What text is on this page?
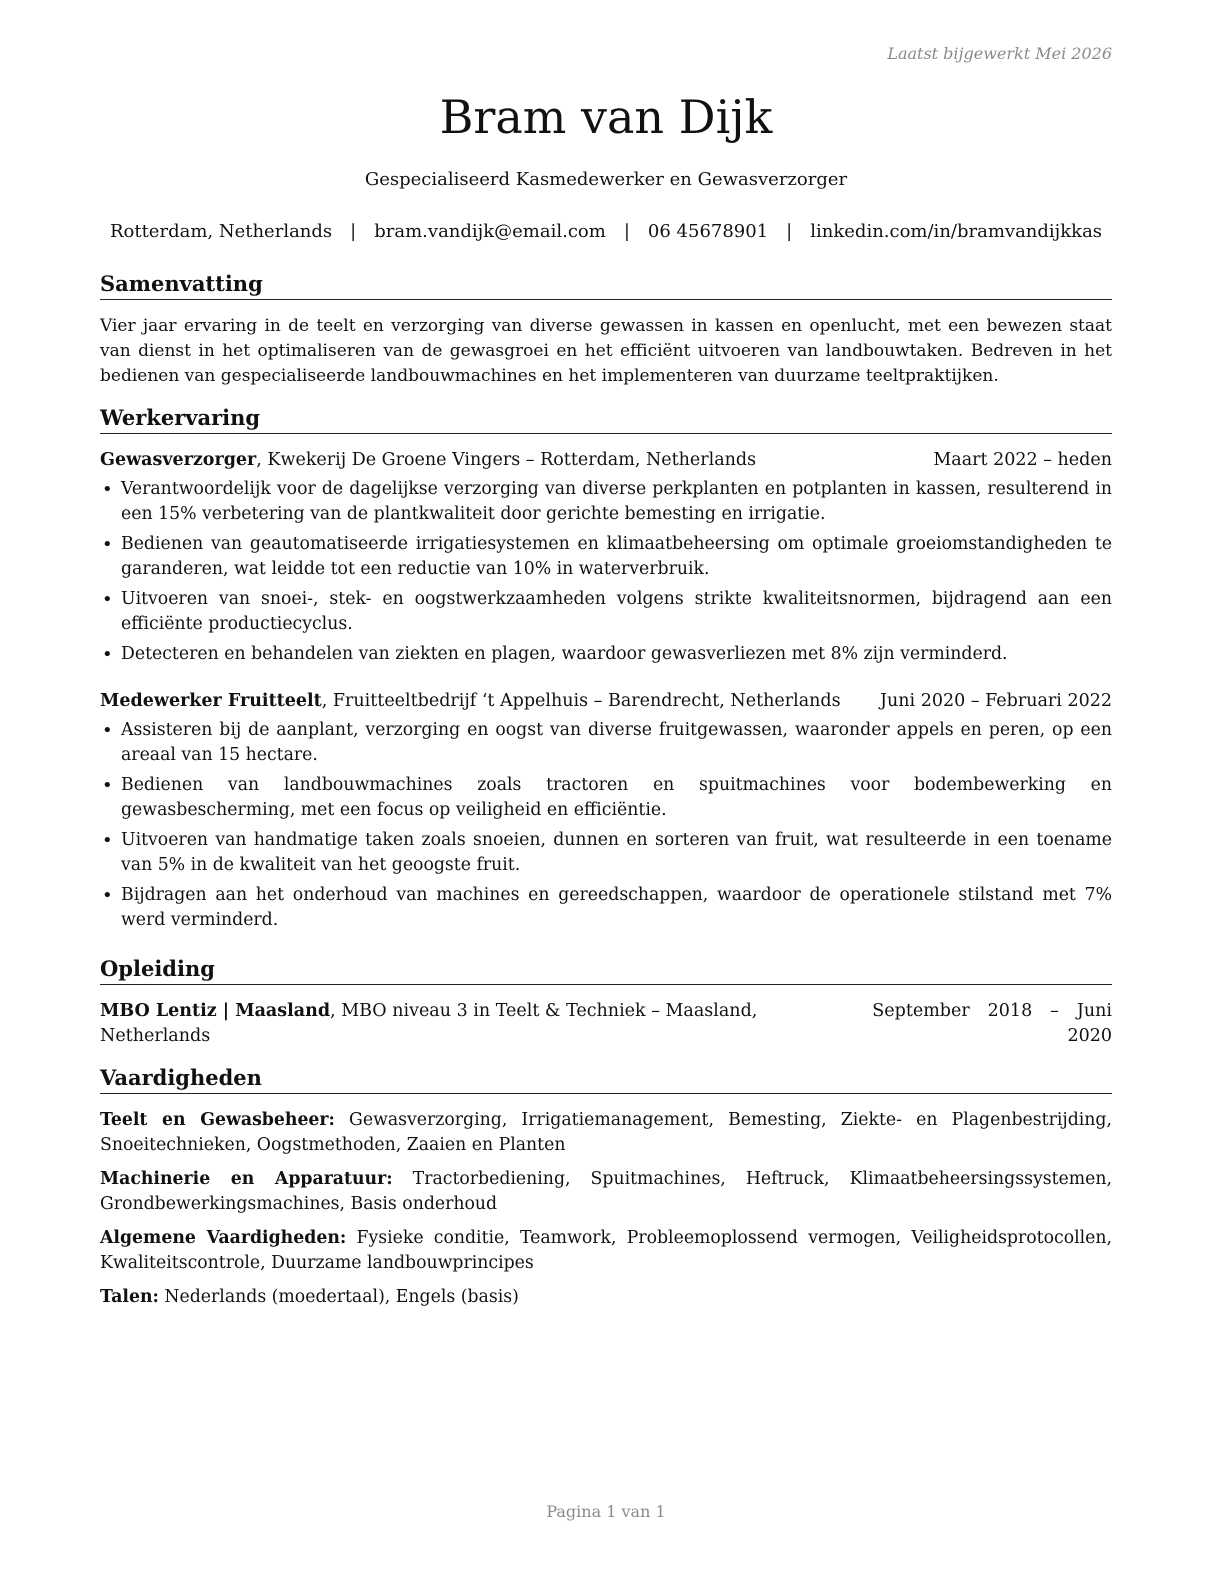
Laatst bijgewerkt Mei 2026
Bram van Dijk
Gespecialiseerd Kasmedewerker en Gewasverzorger
Rotterdam, Netherlands | bram.vandijk@email.com | 06 45678901 | linkedin.com/in/bramvandijkkas
Samenvatting
Vier jaar ervaring in de teelt en verzorging van diverse gewassen in kassen en openlucht, met een bewezen staat van dienst in het optimaliseren van de gewasgroei en het efficiënt uitvoeren van landbouwtaken. Bedreven in het bedienen van gespecialiseerde landbouwmachines en het implementeren van duurzame teeltpraktijken.
Werkervaring
Gewasverzorger, Kwekerij De Groene Vingers – Rotterdam, Netherlands	Maart 2022 – heden
• Verantwoordelijk voor de dagelijkse verzorging van diverse perkplanten en potplanten in kassen, resulterend in een 15% verbetering van de plantkwaliteit door gerichte bemesting en irrigatie.
• Bedienen van geautomatiseerde irrigatiesystemen en klimaatbeheersing om optimale groeiomstandigheden te garanderen, wat leidde tot een reductie van 10% in waterverbruik.
• Uitvoeren van snoei-, stek- en oogstwerkzaamheden volgens strikte kwaliteitsnormen, bijdragend aan een efficiënte productiecyclus.
• Detecteren en behandelen van ziekten en plagen, waardoor gewasverliezen met 8% zijn verminderd.
Medewerker Fruitteelt, Fruitteeltbedrijf ‘t Appelhuis – Barendrecht, Netherlands Juni 2020 – Februari 2022
• Assisteren bij de aanplant, verzorging en oogst van diverse fruitgewassen, waaronder appels en peren, op een areaal van 15 hectare.
• Bedienen van landbouwmachines zoals tractoren en spuitmachines voor bodembewerking en gewasbescherming, met een focus op veiligheid en efficiëntie.
• Uitvoeren van handmatige taken zoals snoeien, dunnen en sorteren van fruit, wat resulteerde in een toename van 5% in de kwaliteit van het geoogste fruit.
• Bijdragen aan het onderhoud van machines en gereedschappen, waardoor de operationele stilstand met 7% werd verminderd.
Opleiding
MBO Lentiz | Maasland, MBO niveau 3 in Teelt & Techniek – Maasland, Netherlands
September 2018 – Juni 2020
Vaardigheden
Teelt en Gewasbeheer: Gewasverzorging, Irrigatiemanagement, Bemesting, Ziekte- en Plagenbestrijding, Snoeitechnieken, Oogstmethoden, Zaaien en Planten
Machinerie en Apparatuur: Tractorbediening, Spuitmachines, Heftruck, Klimaatbeheersingssystemen, Grondbewerkingsmachines, Basis onderhoud
Algemene Vaardigheden: Fysieke conditie, Teamwork, Probleemoplossend vermogen, Veiligheidsprotocollen, Kwaliteitscontrole, Duurzame landbouwprincipes
Talen: Nederlands (moedertaal), Engels (basis)
Pagina 1 van 1
